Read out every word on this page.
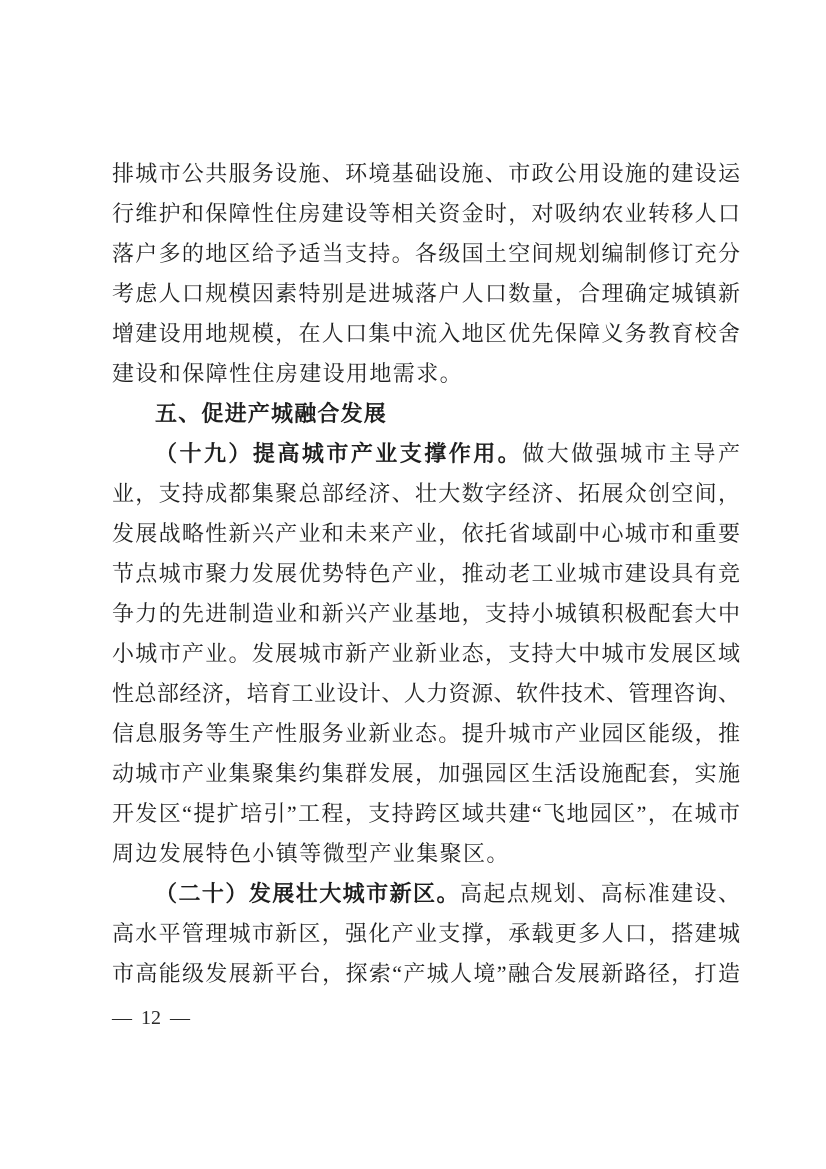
排城市公共服务设施、环境基础设施、市政公用设施的建设运
行维护和保障性住房建设等相关资金时，对吸纳农业转移人口
落户多的地区给予适当支持。各级国土空间规划编制修订充分
考虑人口规模因素特别是进城落户人口数量，合理确定城镇新
增建设用地规模，在人口集中流入地区优先保障义务教育校舍
建设和保障性住房建设用地需求。
五、促进产城融合发展
（十九）提高城市产业支撑作用。做大做强城市主导产
业，支持成都集聚总部经济、壮大数字经济、拓展众创空间，
发展战略性新兴产业和未来产业，依托省域副中心城市和重要
节点城市聚力发展优势特色产业，推动老工业城市建设具有竞
争力的先进制造业和新兴产业基地，支持小城镇积极配套大中
小城市产业。发展城市新产业新业态，支持大中城市发展区域
性总部经济，培育工业设计、人力资源、软件技术、管理咨询、
信息服务等生产性服务业新业态。提升城市产业园区能级，推
动城市产业集聚集约集群发展，加强园区生活设施配套，实施
开发区“提扩培引”工程，支持跨区域共建“飞地园区”，在城市
周边发展特色小镇等微型产业集聚区。
（二十）发展壮大城市新区。高起点规划、高标准建设、
高水平管理城市新区，强化产业支撑，承载更多人口，搭建城
市高能级发展新平台，探索“产城人境”融合发展新路径，打造
— 12 —
